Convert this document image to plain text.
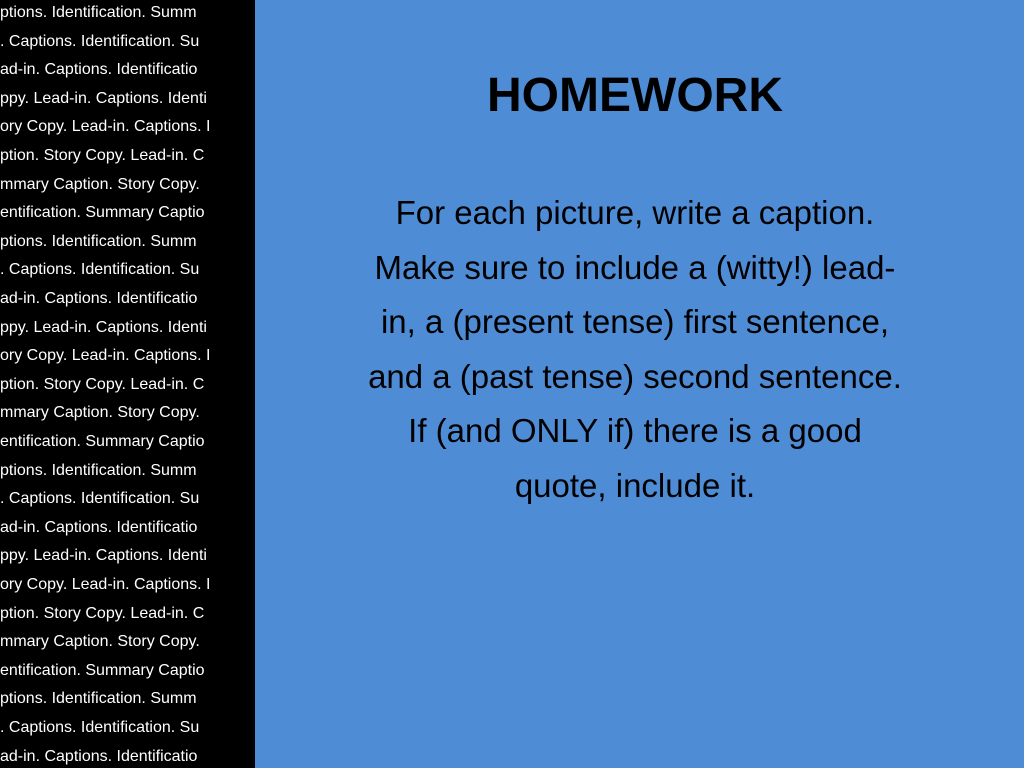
ptions. Identification. Summ
. Captions. Identification. Su
ad-in. Captions. Identificatio
ppy. Lead-in. Captions. Identi
ory Copy. Lead-in. Captions. I
ption. Story Copy. Lead-in. C
mmary Caption. Story Copy.
entification. Summary Captio
ptions. Identification. Summ
. Captions. Identification. Su
ad-in. Captions. Identificatio
ppy. Lead-in. Captions. Identi
ory Copy. Lead-in. Captions. I
ption. Story Copy. Lead-in. C
mmary Caption. Story Copy.
entification. Summary Captio
ptions. Identification. Summ
. Captions. Identification. Su
ad-in. Captions. Identificatio
ppy. Lead-in. Captions. Identi
ory Copy. Lead-in. Captions. I
ption. Story Copy. Lead-in. C
mmary Caption. Story Copy.
entification. Summary Captio
ptions. Identification. Summ
. Captions. Identification. Su
ad-in. Captions. Identificatio
HOMEWORK
For each picture, write a caption.
Make sure to include a (witty!) lead-
in, a (present tense) first sentence,
and a (past tense) second sentence.
If (and ONLY if) there is a good
quote, include it.
